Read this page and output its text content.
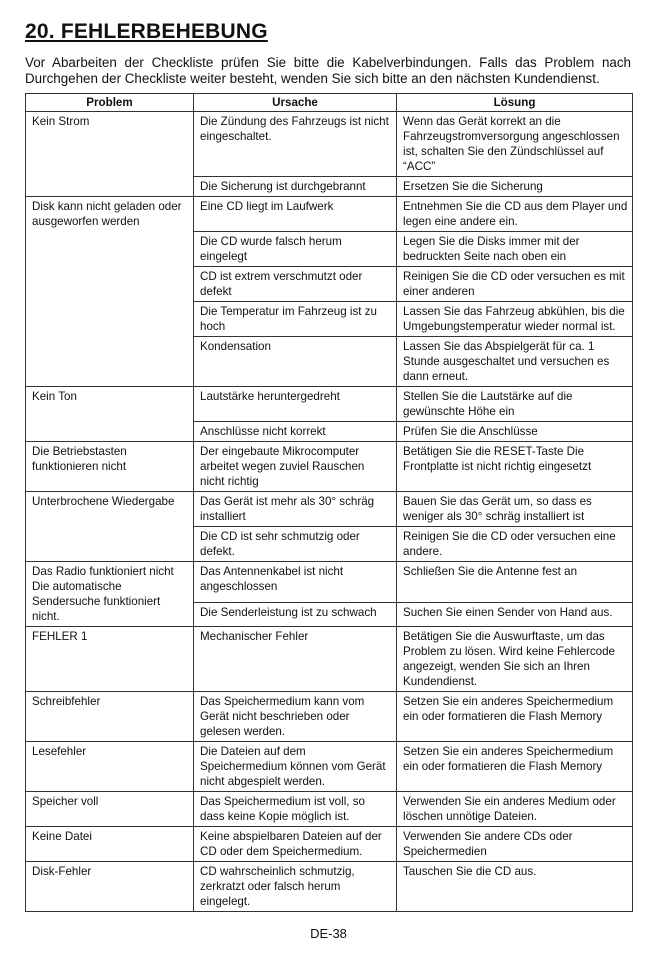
20. FEHLERBEHEBUNG
Vor Abarbeiten der Checkliste prüfen Sie bitte die Kabelverbindungen. Falls das Problem nach Durchgehen der Checkliste weiter besteht, wenden Sie sich bitte an den nächsten Kundendienst.
Problem	Ursache	Lösung
Kein Strom	Die Zündung des Fahrzeugs ist nicht eingeschaltet.	Wenn das Gerät korrekt an die Fahrzeugstromversorgung angeschlossen ist, schalten Sie den Zündschlüssel auf “ACC”
	Die Sicherung ist durchgebrannt	Ersetzen Sie die Sicherung
Disk kann nicht geladen oder ausgeworfen werden	Eine CD liegt im Laufwerk	Entnehmen Sie die CD aus dem Player und legen eine andere ein.
	Die CD wurde falsch herum eingelegt	Legen Sie die Disks immer mit der bedruckten Seite nach oben ein
	CD ist extrem verschmutzt oder defekt	Reinigen Sie die CD oder versuchen es mit einer anderen
	Die Temperatur im Fahrzeug ist zu hoch	Lassen Sie das Fahrzeug abkühlen, bis die Umgebungstemperatur wieder normal ist.
	Kondensation	Lassen Sie das Abspielgerät für ca. 1 Stunde ausgeschaltet und versuchen es dann erneut.
Kein Ton	Lautstärke heruntergedreht	Stellen Sie die Lautstärke auf die gewünschte Höhe ein
	Anschlüsse nicht korrekt	Prüfen Sie die Anschlüsse
Die Betriebstasten funktionieren nicht	Der eingebaute Mikrocomputer arbeitet wegen zuviel Rauschen nicht richtig	Betätigen Sie die RESET-Taste Die Frontplatte ist nicht richtig eingesetzt
Unterbrochene Wiedergabe	Das Gerät ist mehr als 30° schräg installiert	Bauen Sie das Gerät um, so dass es weniger als 30° schräg installiert ist
	Die CD ist sehr schmutzig oder defekt.	Reinigen Sie die CD oder versuchen eine andere.
Das Radio funktioniert nicht Die automatische Sendersuche funktioniert nicht.	Das Antennenkabel ist nicht angeschlossen	Schließen Sie die Antenne fest an
	Die Senderleistung ist zu schwach	Suchen Sie einen Sender von Hand aus.
FEHLER 1	Mechanischer Fehler	Betätigen Sie die Auswurftaste, um das Problem zu lösen. Wird keine Fehlercode angezeigt, wenden Sie sich an Ihren Kundendienst.
Schreibfehler	Das Speichermedium kann vom Gerät nicht beschrieben oder gelesen werden.	Setzen Sie ein anderes Speichermedium ein oder formatieren die Flash Memory
Lesefehler	Die Dateien auf dem Speichermedium können vom Gerät nicht abgespielt werden.	Setzen Sie ein anderes Speichermedium ein oder formatieren die Flash Memory
Speicher voll	Das Speichermedium ist voll, so dass keine Kopie möglich ist.	Verwenden Sie ein anderes Medium oder löschen unnötige Dateien.
Keine Datei	Keine abspielbaren Dateien auf der CD oder dem Speichermedium.	Verwenden Sie andere CDs oder Speichermedien
Disk-Fehler	CD wahrscheinlich schmutzig, zerkratzt oder falsch herum eingelegt.	Tauschen Sie die CD aus.
DE-38
